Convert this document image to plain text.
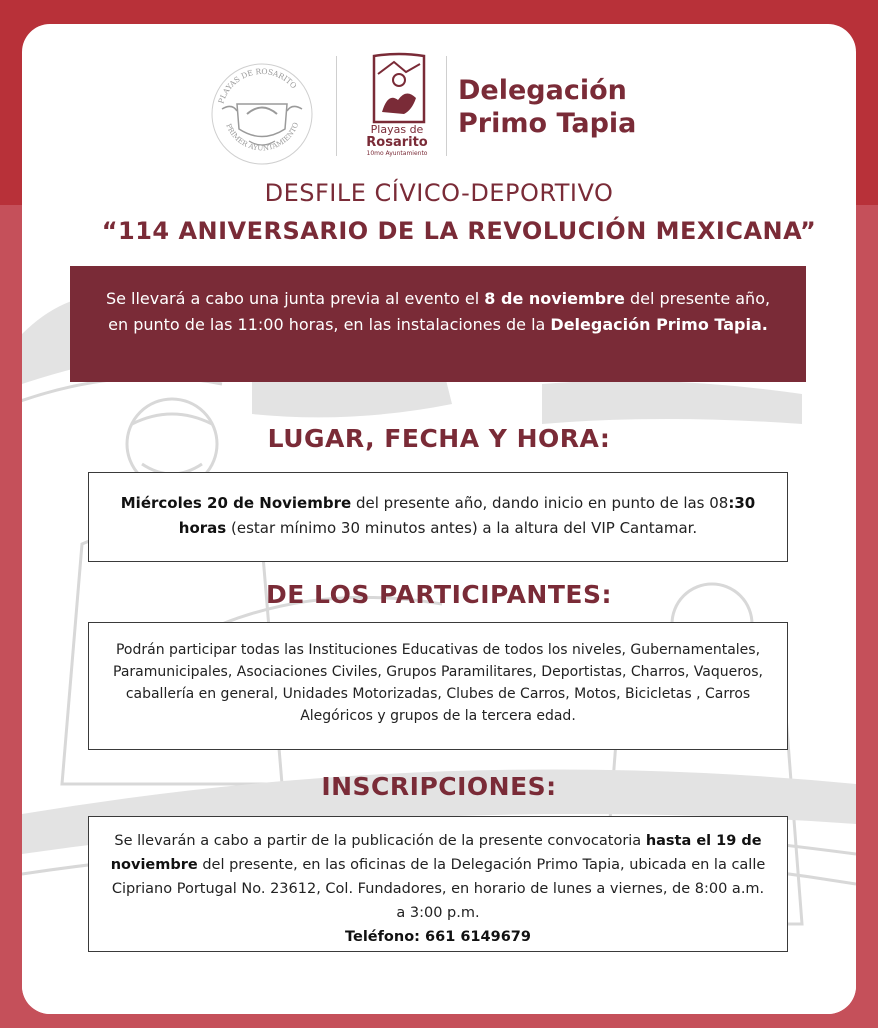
PLAYAS DE ROSARITO
PRIMER AYUNTAMIENTO	Playas de
Rosarito
10mo Ayuntamiento
Delegación
Primo Tapia
DESFILE CÍVICO-DEPORTIVO
“114 ANIVERSARIO DE LA REVOLUCIÓN MEXICANA”
Se llevará a cabo una junta previa al evento el 8 de noviembre del presente año, en punto de las 11:00 horas, en las instalaciones de la Delegación Primo Tapia.
LUGAR, FECHA Y HORA:
Miércoles 20 de Noviembre del presente año, dando inicio en punto de las 08:30 horas (estar mínimo 30 minutos antes) a la altura del VIP Cantamar.
DE LOS PARTICIPANTES:
Podrán participar todas las Instituciones Educativas de todos los niveles, Gubernamentales, Paramunicipales, Asociaciones Civiles, Grupos Paramilitares, Deportistas, Charros, Vaqueros, caballería en general, Unidades Motorizadas, Clubes de Carros, Motos, Bicicletas , Carros Alegóricos y grupos de la tercera edad.
INSCRIPCIONES:
Se llevarán a cabo a partir de la publicación de la presente convocatoria hasta el 19 de noviembre del presente, en las oficinas de la Delegación Primo Tapia, ubicada en la calle Cipriano Portugal No. 23612, Col. Fundadores, en horario de lunes a viernes, de 8:00 a.m. a 3:00 p.m.
Teléfono: 661 6149679
